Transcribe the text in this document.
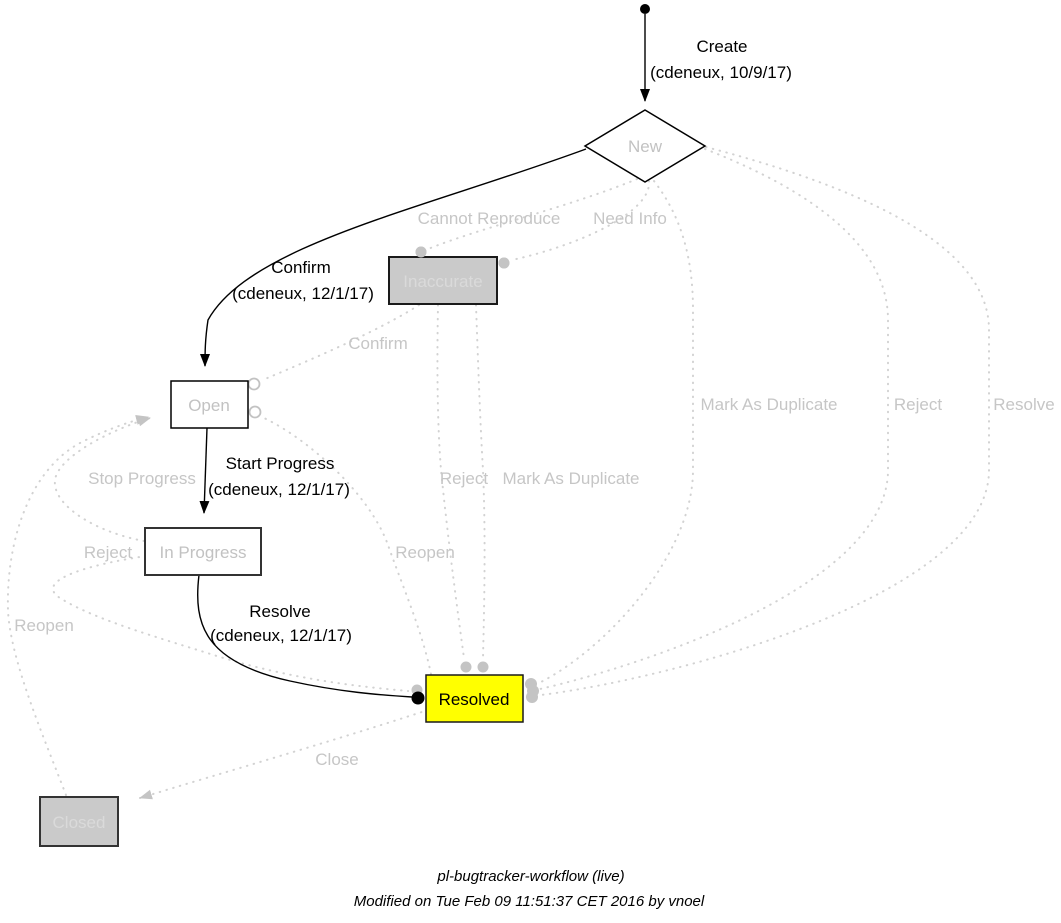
New
Inaccurate
Open
In Progress
Resolved
Closed
Create
(cdeneux, 10/9/17)
Confirm
(cdeneux, 12/1/17)
Start Progress
(cdeneux, 12/1/17)
Resolve
(cdeneux, 12/1/17)
Cannot Reproduce Need Info
Confirm
Mark As Duplicate	Reject	Resolve
Reject Mark As Duplicate
Stop Progress
Reject	Reopen
Reopen
Close
pl-bugtracker-workflow (live)
Modified on Tue Feb 09 11:51:37 CET 2016 by vnoel
